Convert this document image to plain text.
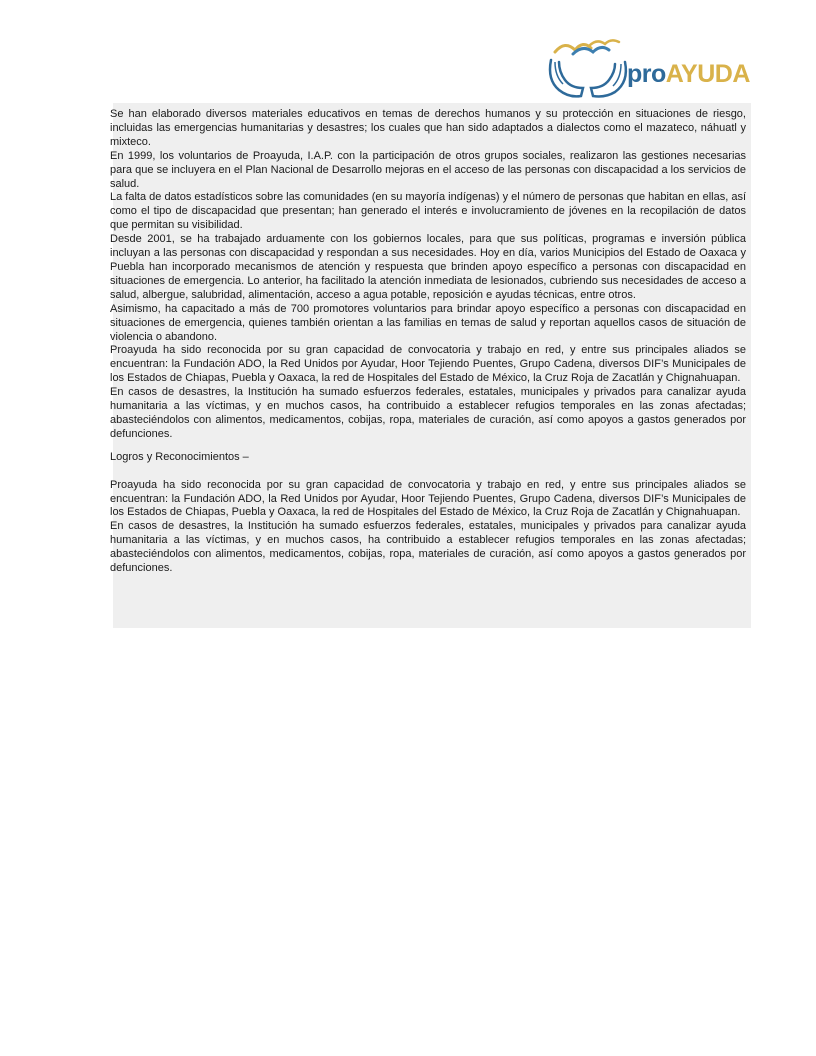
proAYUDA

Se han elaborado diversos materiales educativos en temas de derechos humanos y su protección en situaciones de riesgo, incluidas las emergencias humanitarias y desastres; los cuales que han sido adaptados a dialectos como el mazateco, náhuatl y mixteco.

En 1999, los voluntarios de Proayuda, I.A.P. con la participación de otros grupos sociales, realizaron las gestiones necesarias para que se incluyera en el Plan Nacional de Desarrollo mejoras en el acceso de las personas con discapacidad a los servicios de salud.

La falta de datos estadísticos sobre las comunidades (en su mayoría indígenas) y el número de personas que habitan en ellas, así como el tipo de discapacidad que presentan; han generado el interés e involucramiento de jóvenes en la recopilación de datos que permitan su visibilidad.

Desde 2001, se ha trabajado arduamente con los gobiernos locales, para que sus políticas, programas e inversión pública incluyan a las personas con discapacidad y respondan a sus necesidades. Hoy en día, varios Municipios del Estado de Oaxaca y Puebla han incorporado mecanismos de atención y respuesta que brinden apoyo específico a personas con discapacidad en situaciones de emergencia. Lo anterior, ha facilitado la atención inmediata de lesionados, cubriendo sus necesidades de acceso a salud, albergue, salubridad, alimentación, acceso a agua potable, reposición e ayudas técnicas, entre otros.

Asimismo, ha capacitado a más de 700 promotores voluntarios para brindar apoyo específico a personas con discapacidad en situaciones de emergencia, quienes también orientan a las familias en temas de salud y reportan aquellos casos de situación de violencia o abandono.

Proayuda ha sido reconocida por su gran capacidad de convocatoria y trabajo en red, y entre sus principales aliados se encuentran: la Fundación ADO, la Red Unidos por Ayudar, Hoor Tejiendo Puentes, Grupo Cadena, diversos DIF’s Municipales de los Estados de Chiapas, Puebla y Oaxaca, la red de Hospitales del Estado de México, la Cruz Roja de Zacatlán y Chignahuapan.

En casos de desastres, la Institución ha sumado esfuerzos federales, estatales, municipales y privados para canalizar ayuda humanitaria a las víctimas, y en muchos casos, ha contribuido a establecer refugios temporales en las zonas afectadas; abasteciéndolos con alimentos, medicamentos, cobijas, ropa, materiales de curación, así como apoyos a gastos generados por defunciones.

Logros y Reconocimientos –

Proayuda ha sido reconocida por su gran capacidad de convocatoria y trabajo en red, y entre sus principales aliados se encuentran: la Fundación ADO, la Red Unidos por Ayudar, Hoor Tejiendo Puentes, Grupo Cadena, diversos DIF’s Municipales de los Estados de Chiapas, Puebla y Oaxaca, la red de Hospitales del Estado de México, la Cruz Roja de Zacatlán y Chignahuapan.

En casos de desastres, la Institución ha sumado esfuerzos federales, estatales, municipales y privados para canalizar ayuda humanitaria a las víctimas, y en muchos casos, ha contribuido a establecer refugios temporales en las zonas afectadas; abasteciéndolos con alimentos, medicamentos, cobijas, ropa, materiales de curación, así como apoyos a gastos generados por defunciones.
